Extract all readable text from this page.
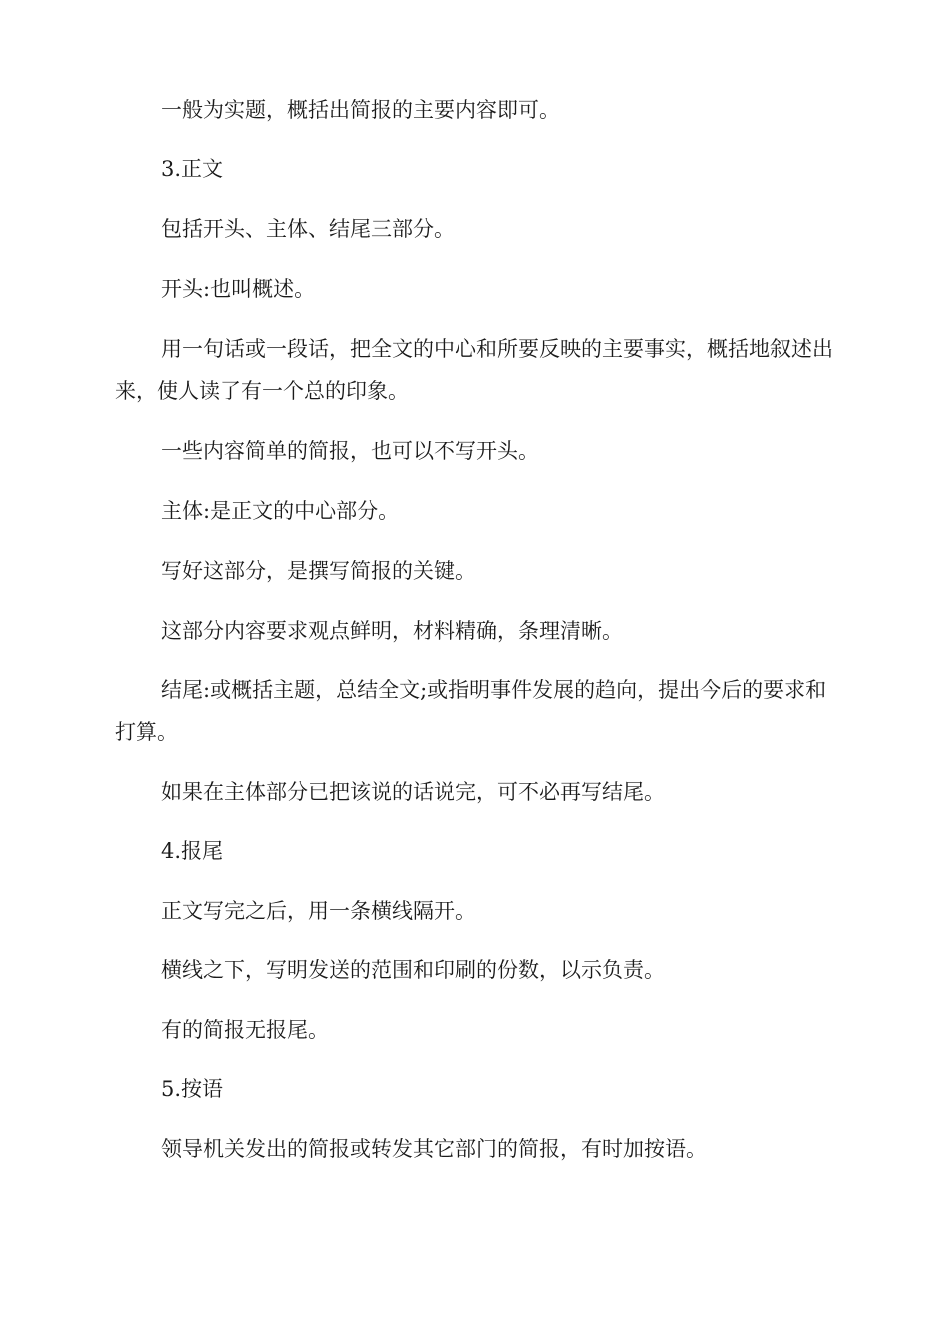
一般为实题，概括出简报的主要内容即可。

3.正文

包括开头、主体、结尾三部分。

开头:也叫概述。

用一句话或一段话，把全文的中心和所要反映的主要事实，概括地叙述出来，使人读了有一个总的印象。

一些内容简单的简报，也可以不写开头。

主体:是正文的中心部分。

写好这部分，是撰写简报的关键。

这部分内容要求观点鲜明，材料精确，条理清晰。

结尾:或概括主题，总结全文;或指明事件发展的趋向，提出今后的要求和打算。

如果在主体部分已把该说的话说完，可不必再写结尾。

4.报尾

正文写完之后，用一条横线隔开。

横线之下，写明发送的范围和印刷的份数，以示负责。

有的简报无报尾。

5.按语

领导机关发出的简报或转发其它部门的简报，有时加按语。
